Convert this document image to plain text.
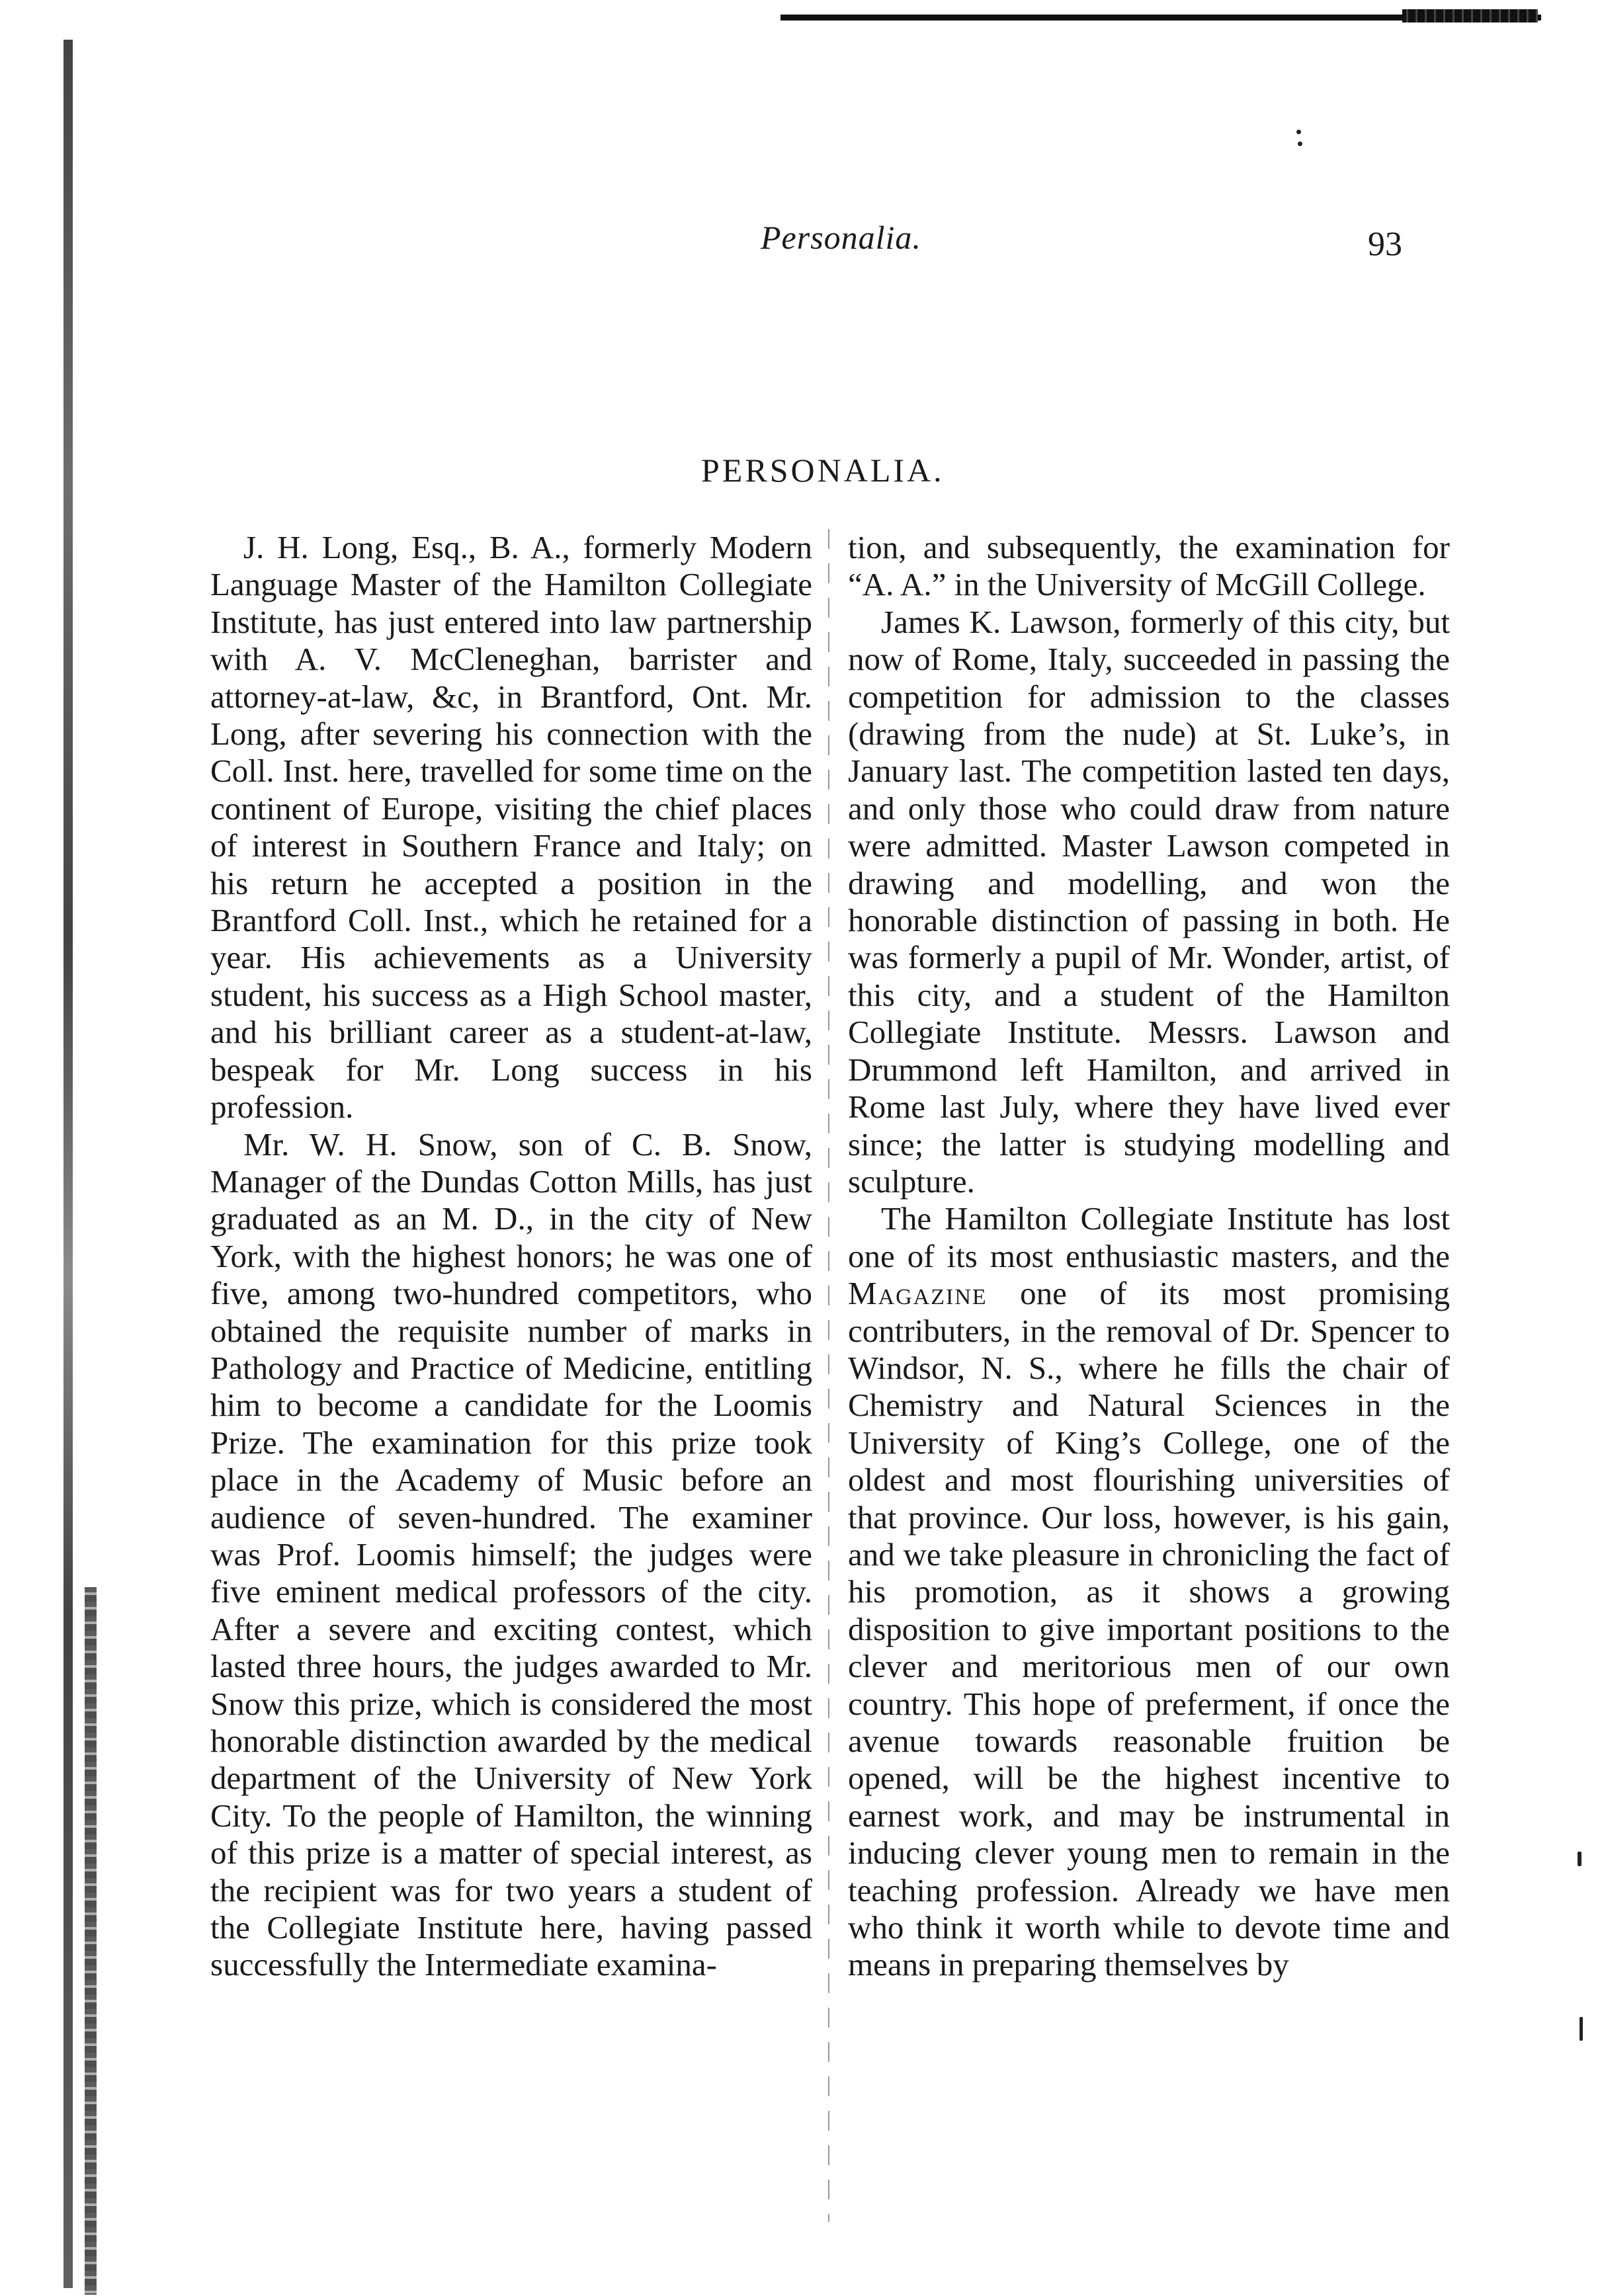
Personalia.	93
PERSONALIA.

J. H. Long, Esq., B. A., formerly Modern Language Master of the Hamilton Collegiate Institute, has just entered into law partnership with A. V. McCleneghan, barrister and attorney-at-law, &c, in Brantford, Ont. Mr. Long, after severing his connection with the Coll. Inst. here, travelled for some time on the continent of Europe, visiting the chief places of interest in Southern France and Italy; on his return he accepted a position in the Brantford Coll. Inst., which he retained for a year. His achievements as a University student, his success as a High School master, and his brilliant career as a student-at-law, bespeak for Mr. Long success in his profession.

Mr. W. H. Snow, son of C. B. Snow, Manager of the Dundas Cotton Mills, has just graduated as an M. D., in the city of New York, with the highest honors; he was one of five, among two-hundred competitors, who obtained the requisite number of marks in Pathology and Practice of Medicine, entitling him to become a candidate for the Loomis Prize. The examination for this prize took place in the Academy of Music before an audience of seven-hundred. The examiner was Prof. Loomis himself; the judges were five eminent medical professors of the city. After a severe and exciting contest, which lasted three hours, the judges awarded to Mr. Snow this prize, which is considered the most honorable distinction awarded by the medical department of the University of New York City. To the people of Hamilton, the winning of this prize is a matter of special interest, as the recipient was for two years a student of the Collegiate Institute here, having passed successfully the Intermediate examina-

tion, and subsequently, the examination for “A. A.” in the University of McGill College.

James K. Lawson, formerly of this city, but now of Rome, Italy, succeeded in passing the competition for admission to the classes (drawing from the nude) at St. Luke’s, in January last. The competition lasted ten days, and only those who could draw from nature were admitted. Master Lawson competed in drawing and modelling, and won the honorable distinction of passing in both. He was formerly a pupil of Mr. Wonder, artist, of this city, and a student of the Hamilton Collegiate Institute. Messrs. Lawson and Drummond left Hamilton, and arrived in Rome last July, where they have lived ever since; the latter is studying modelling and sculpture.

The Hamilton Collegiate Institute has lost one of its most enthusiastic masters, and the Magazine one of its most promising contributers, in the removal of Dr. Spencer to Windsor, N. S., where he fills the chair of Chemistry and Natural Sciences in the University of King’s College, one of the oldest and most flourishing universities of that province. Our loss, however, is his gain, and we take pleasure in chronicling the fact of his promotion, as it shows a growing disposition to give important positions to the clever and meritorious men of our own country. This hope of preferment, if once the avenue towards reasonable fruition be opened, will be the highest incentive to earnest work, and may be instrumental in inducing clever young men to remain in the teaching profession. Already we have men who think it worth while to devote time and means in preparing themselves by
